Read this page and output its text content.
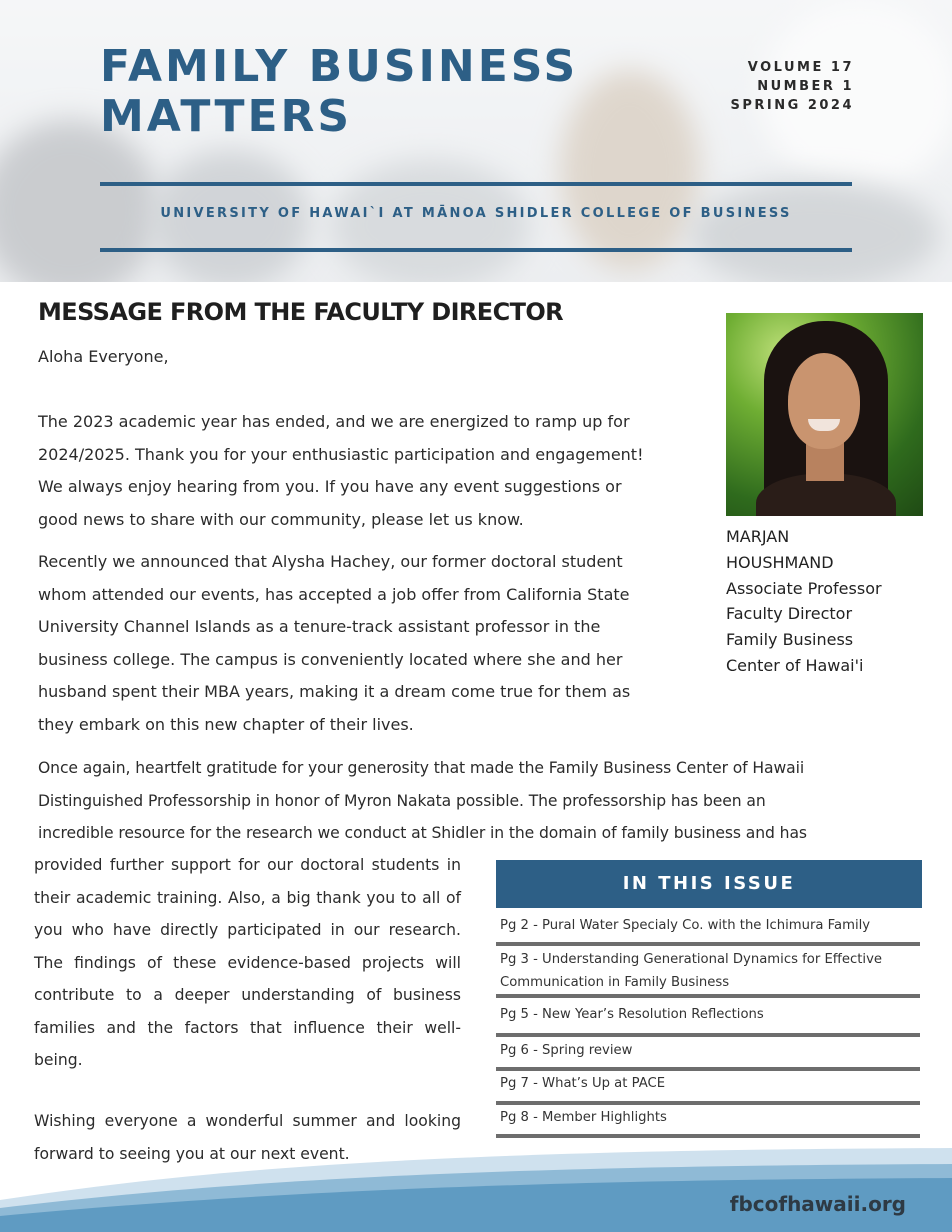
FAMILY BUSINESS
MATTERS
VOLUME 17
NUMBER 1
SPRING 2024
UNIVERSITY OF HAWAI`I AT MĀNOA SHIDLER COLLEGE OF BUSINESS
MESSAGE FROM THE FACULTY DIRECTOR
Aloha Everyone,
The 2023 academic year has ended, and we are energized to ramp up for
2024/2025. Thank you for your enthusiastic participation and engagement!
We always enjoy hearing from you. If you have any event suggestions or
good news to share with our community, please let us know.
Recently we announced that Alysha Hachey, our former doctoral student
whom attended our events, has accepted a job offer from California State
University Channel Islands as a tenure-track assistant professor in the
business college. The campus is conveniently located where she and her
husband spent their MBA years, making it a dream come true for them as
they embark on this new chapter of their lives.
Once again, heartfelt gratitude for your generosity that made the Family Business Center of Hawaii
Distinguished Professorship in honor of Myron Nakata possible. The professorship has been an
incredible resource for the research we conduct at Shidler in the domain of family business and has
provided further support for our doctoral students in their academic training. Also, a big thank you to all of you who have directly participated in our research. The findings of these evidence-based projects will contribute to a deeper understanding of business families and the factors that influence their well-being.
Wishing everyone a wonderful summer and looking forward to seeing you at our next event.
MARJAN
HOUSHMAND
Associate Professor
Faculty Director
Family Business
Center of Hawai'i
IN THIS ISSUE
Pg 2 - Pural Water Specialy Co. with the Ichimura Family
Pg 3 - Understanding Generational Dynamics for Effective
Communication in Family Business
Pg 5 - New Year’s Resolution Reflections
Pg 6 - Spring review
Pg 7 - What’s Up at PACE
Pg 8 - Member Highlights
fbcofhawaii.org
